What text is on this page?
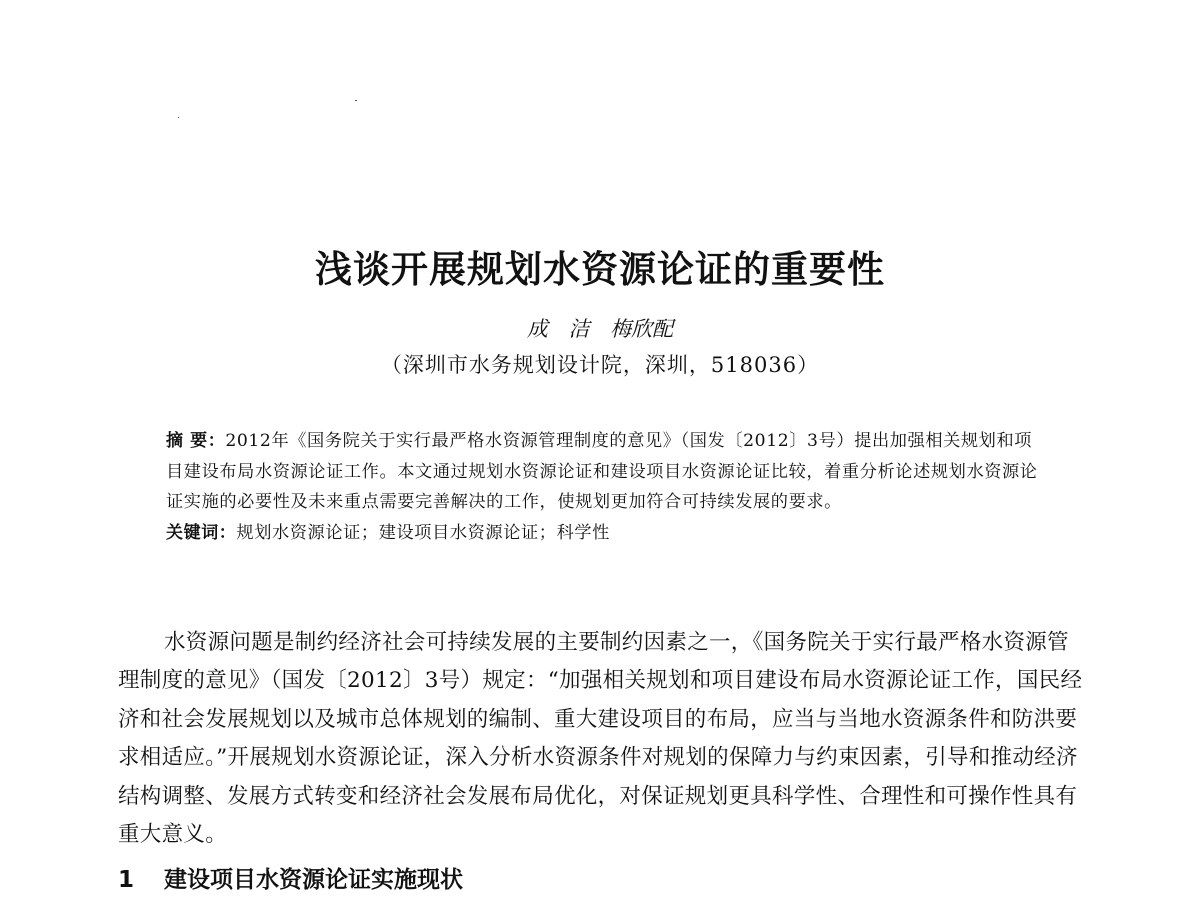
浅谈开展规划水资源论证的重要性
成 洁 梅欣配
（深圳市水务规划设计院，深圳，518036）

摘 要：2012年《国务院关于实行最严格水资源管理制度的意见》（国发〔2012〕3号）提出加强相关规划和项目建设布局水资源论证工作。本文通过规划水资源论证和建设项目水资源论证比较，着重分析论述规划水资源论证实施的必要性及未来重点需要完善解决的工作，使规划更加符合可持续发展的要求。

关键词：规划水资源论证；建设项目水资源论证；科学性

水资源问题是制约经济社会可持续发展的主要制约因素之一，《国务院关于实行最严格水资源管理制度的意见》（国发〔2012〕3号）规定：“加强相关规划和项目建设布局水资源论证工作，国民经济和社会发展规划以及城市总体规划的编制、重大建设项目的布局，应当与当地水资源条件和防洪要求相适应。”开展规划水资源论证，深入分析水资源条件对规划的保障力与约束因素，引导和推动经济结构调整、发展方式转变和经济社会发展布局优化，对保证规划更具科学性、合理性和可操作性具有重大意义。

1 建设项目水资源论证实施现状
